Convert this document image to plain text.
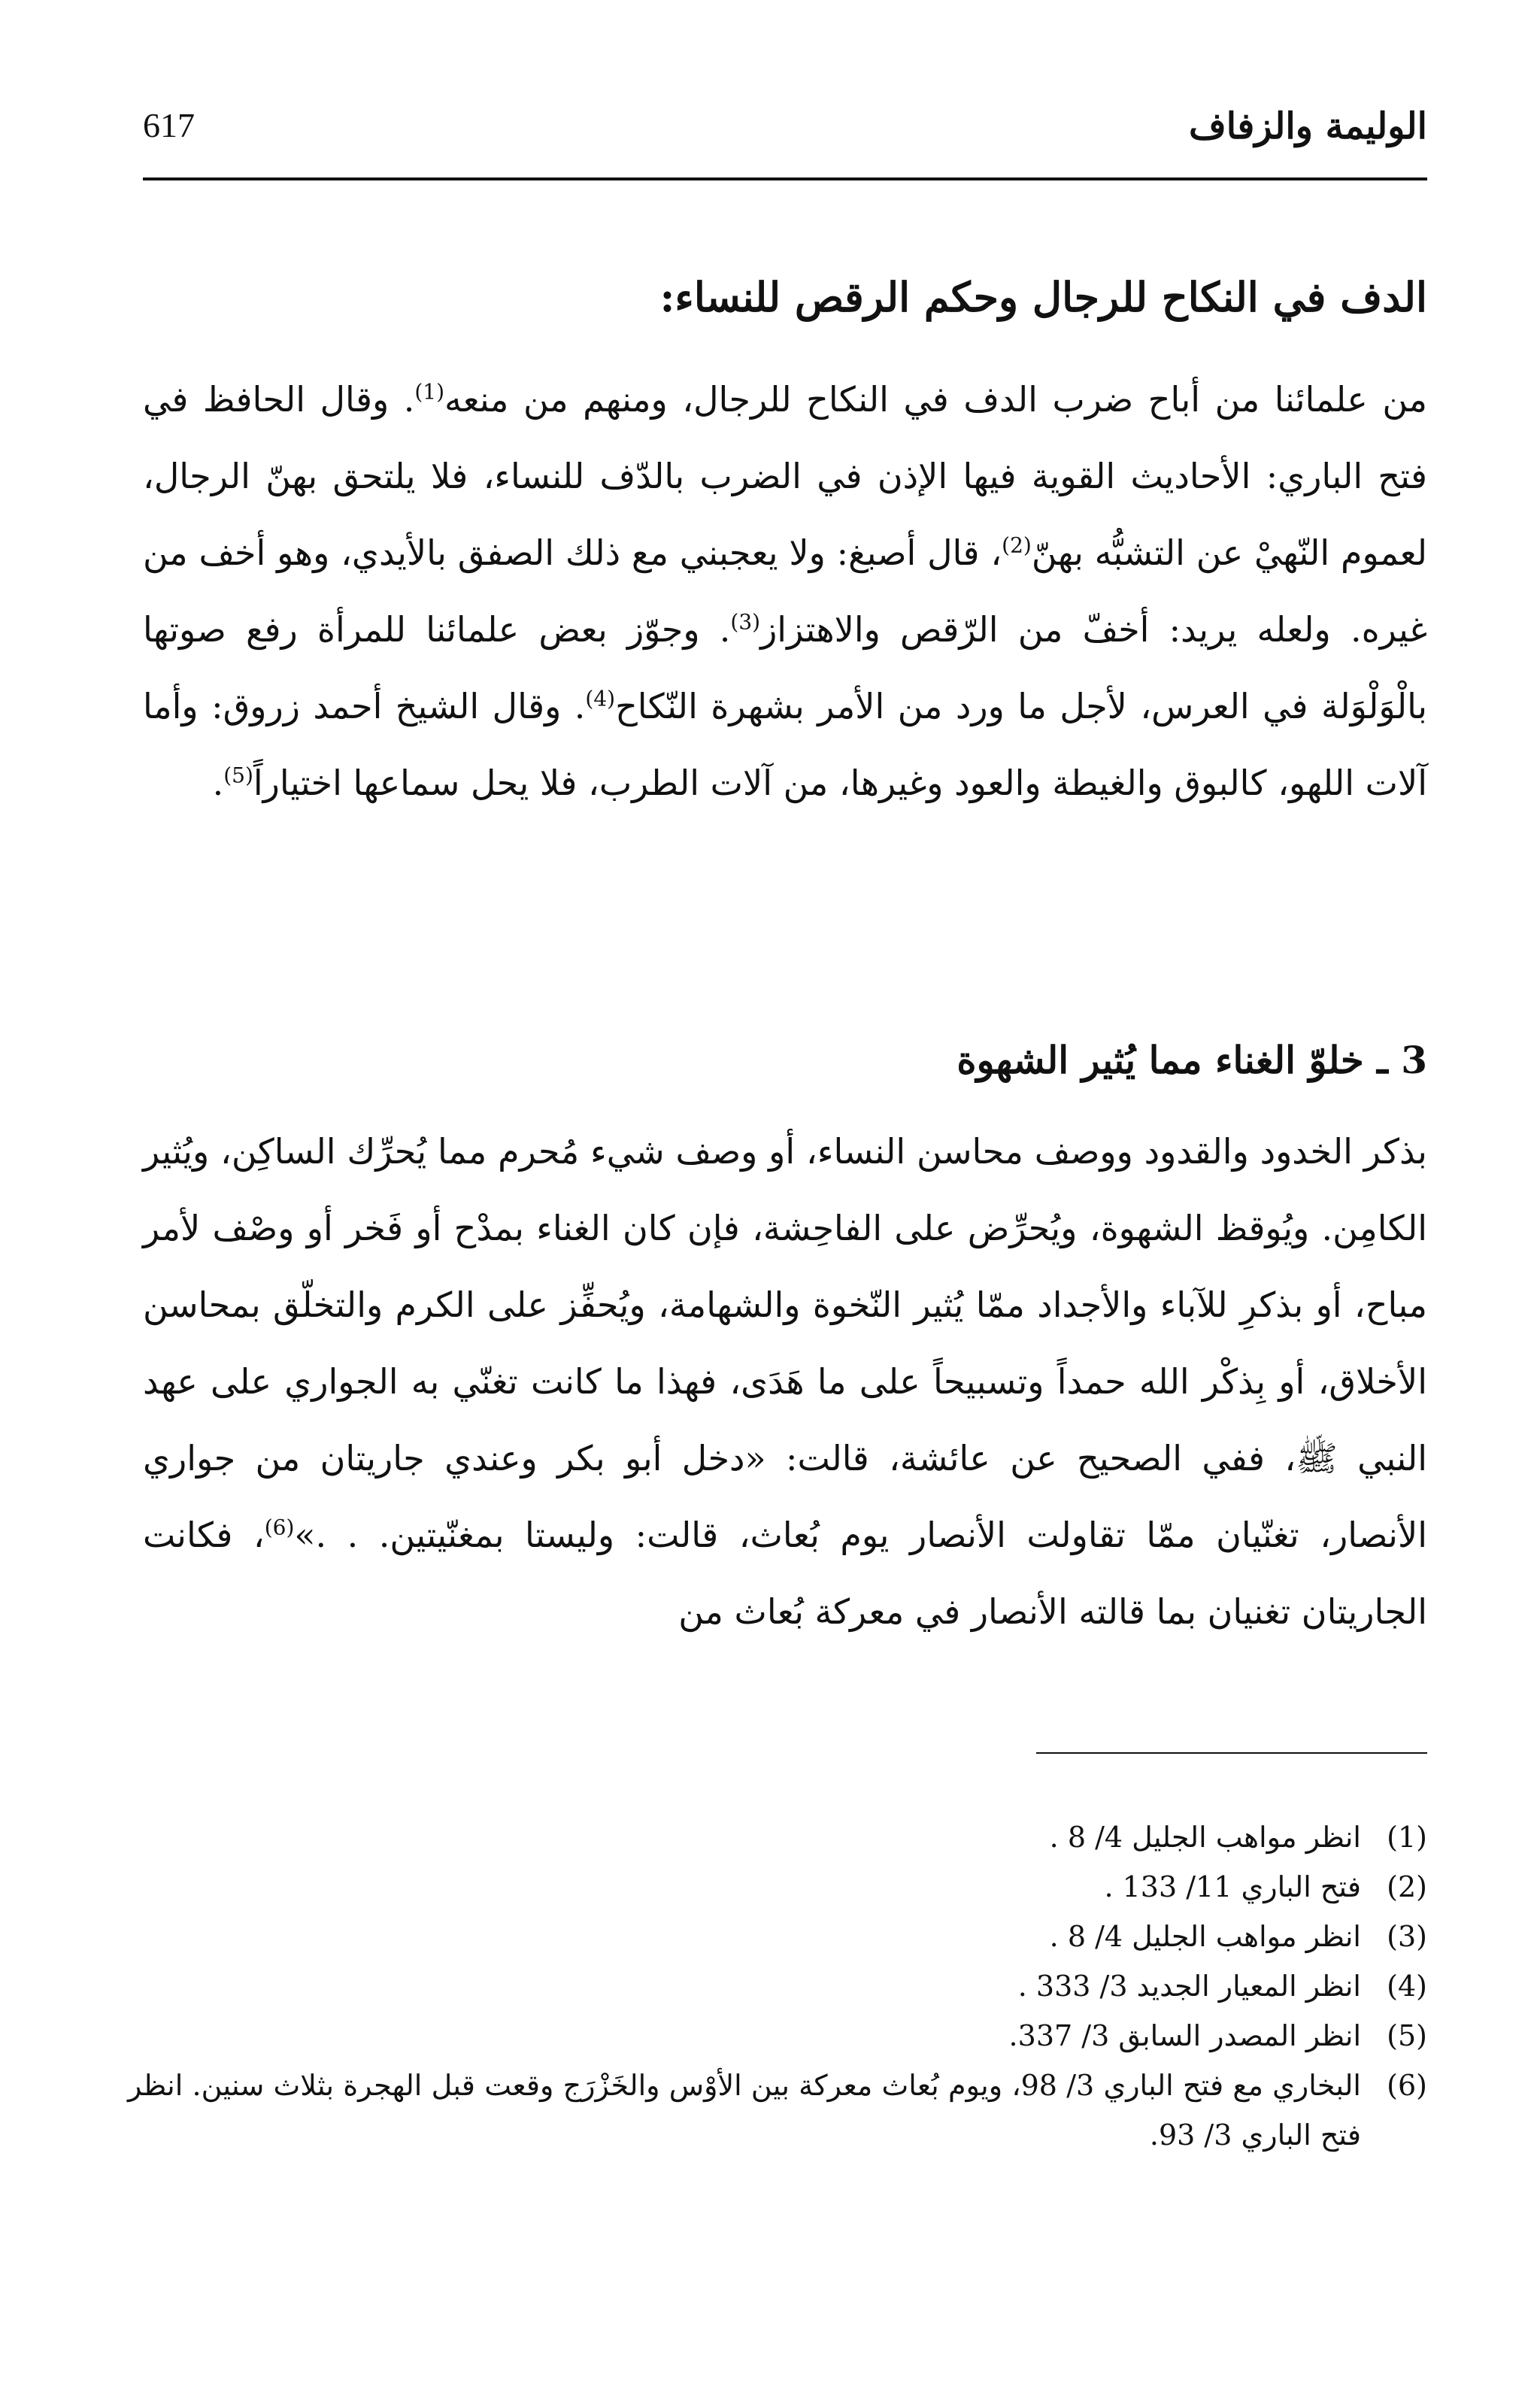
617	الوليمة والزفاف
الدف في النكاح للرجال وحكم الرقص للنساء:

من علمائنا من أباح ضرب الدف في النكاح للرجال، ومنهم من منعه$^{(1)}$. وقال الحافظ في فتح الباري: الأحاديث القوية فيها الإذن في الضرب بالدّف للنساء، فلا يلتحق بهنّ الرجال، لعموم النّهيْ عن التشبُّه بهنّ$^{(2)}$، قال أصبغ: ولا يعجبني مع ذلك الصفق بالأيدي، وهو أخف من غيره. ولعله يريد: أخفّ من الرّقص والاهتزاز$^{(3)}$. وجوّز بعض علمائنا للمرأة رفع صوتها بالْوَلْوَلة في العرس، لأجل ما ورد من الأمر بشهرة النّكاح$^{(4)}$. وقال الشيخ أحمد زروق: وأما آلات اللهو، كالبوق والغيطة والعود وغيرها، من آلات الطرب، فلا يحل سماعها اختياراً$^{(5)}$.

3 ـ خلوّ الغناء مما يُثير الشهوة

بذكر الخدود والقدود ووصف محاسن النساء، أو وصف شيء مُحرم مما يُحرِّك الساكِن، ويُثير الكامِن. ويُوقظ الشهوة، ويُحرِّض على الفاحِشة، فإن كان الغناء بمدْح أو فَخر أو وصْف لأمر مباح، أو بذكرِ للآباء والأجداد ممّا يُثير النّخوة والشهامة، ويُحفِّز على الكرم والتخلّق بمحاسن الأخلاق، أو بِذكْر الله حمداً وتسبيحاً على ما هَدَى، فهذا ما كانت تغنّي به الجواري على عهد النبي ﷺ، ففي الصحيح عن عائشة، قالت: «دخل أبو بكر وعندي جاريتان من جواري الأنصار، تغنّيان ممّا تقاولت الأنصار يوم بُعاث، قالت: وليستا بمغنّيتين. . .»$^{(6)}$، فكانت الجاريتان تغنيان بما قالته الأنصار في معركة بُعاث من

(1)
انظر مواهب الجليل 4/ 8 .
(2)
فتح الباري 11/ 133 .
(3)
انظر مواهب الجليل 4/ 8 .
(4)
انظر المعيار الجديد 3/ 333 .
(5)
انظر المصدر السابق 3/ 337.
(6)
البخاري مع فتح الباري 3/ 98، ويوم بُعاث معركة بين الأوْس والخَزْرَج وقعت قبل الهجرة بثلاث سنين. انظر فتح الباري 3/ 93.
